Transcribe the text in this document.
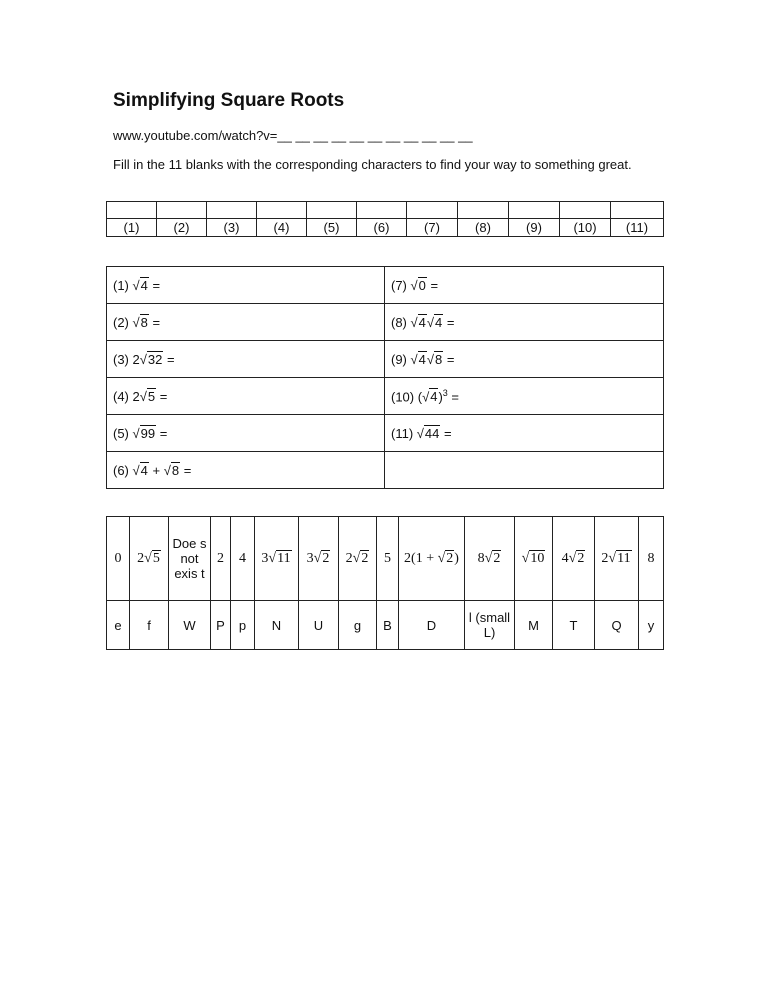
Simplifying Square Roots
www.youtube.com/watch?v=__ __ __ __ __ __ __ __ __ __ __
Fill in the 11 blanks with the corresponding characters to find your way to something great.

(1)	(2)	(3)	(4)	(5)	(6)	(7)	(8)	(9)	(10)	(11)
(1) √4 =	(7) √0 =
(2) √8 =	(8) √4√4 =
(3) 2√32 =	(9) √4√8 =
(4) 2√5 =	(10) $(√4)^3$ =
(5) √99 =	(11) √44 =
(6) √4 + √8 =	
0	2√5	Doe s not exis t	2	4	3√11	3√2	2√2	5	2(1 + √2)	8√2	√10	4√2	2√11	8
e	f	W	P	p	N	U	g	B	D	l (small L)	M	T	Q	y
